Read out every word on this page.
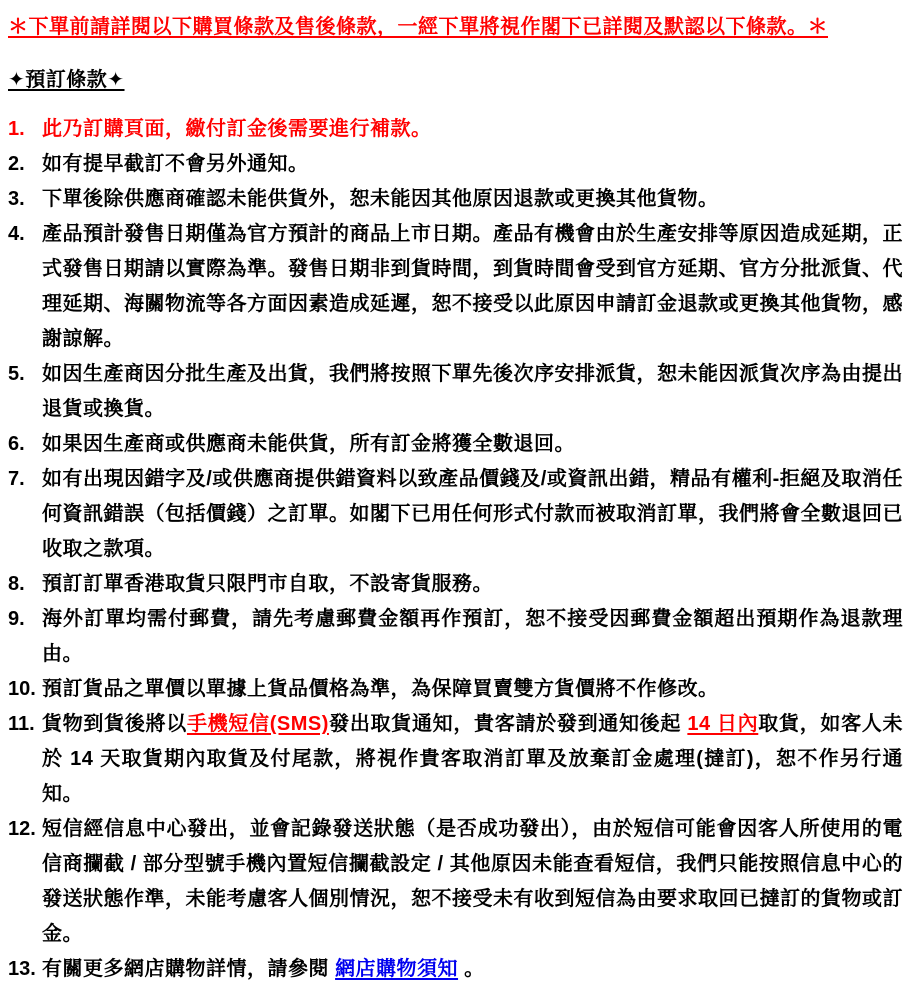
＊下單前請詳閱以下購買條款及售後條款，一經下單將視作閣下已詳閱及默認以下條款。＊
✦預訂條款✦
1. 此乃訂購頁面，繳付訂金後需要進行補款。
2. 如有提早截訂不會另外通知。
3. 下單後除供應商確認未能供貨外，恕未能因其他原因退款或更換其他貨物。
4. 產品預計發售日期僅為官方預計的商品上市日期。產品有機會由於生產安排等原因造成延期，正式發售日期請以實際為準。發售日期非到貨時間，到貨時間會受到官方延期、官方分批派貨、代理延期、海關物流等各方面因素造成延遲，恕不接受以此原因申請訂金退款或更換其他貨物，感謝諒解。
5. 如因生產商因分批生產及出貨，我們將按照下單先後次序安排派貨，恕未能因派貨次序為由提出退貨或換貨。
6. 如果因生產商或供應商未能供貨，所有訂金將獲全數退回。
7. 如有出現因錯字及/或供應商提供錯資料以致產品價錢及/或資訊出錯，精品有權利-拒絕及取消任何資訊錯誤（包括價錢）之訂單。如閣下已用任何形式付款而被取消訂單，我們將會全數退回已收取之款項。
8. 預訂訂單香港取貨只限門市自取，不設寄貨服務。
9. 海外訂單均需付郵費，請先考慮郵費金額再作預訂，恕不接受因郵費金額超出預期作為退款理由。
10. 預訂貨品之單價以單據上貨品價格為準，為保障買賣雙方貨價將不作修改。
11. 貨物到貨後將以手機短信(SMS)發出取貨通知，貴客請於發到通知後起 14 日內取貨，如客人未於 14 天取貨期內取貨及付尾款，將視作貴客取消訂單及放棄訂金處理(撻訂)，恕不作另行通知。
12. 短信經信息中心發出，並會記錄發送狀態（是否成功發出），由於短信可能會因客人所使用的電信商攔截 / 部分型號手機內置短信攔截設定 / 其他原因未能查看短信，我們只能按照信息中心的發送狀態作準，未能考慮客人個別情況，恕不接受未有收到短信為由要求取回已撻訂的貨物或訂金。
13. 有關更多網店購物詳情，請參閱 網店購物須知 。
